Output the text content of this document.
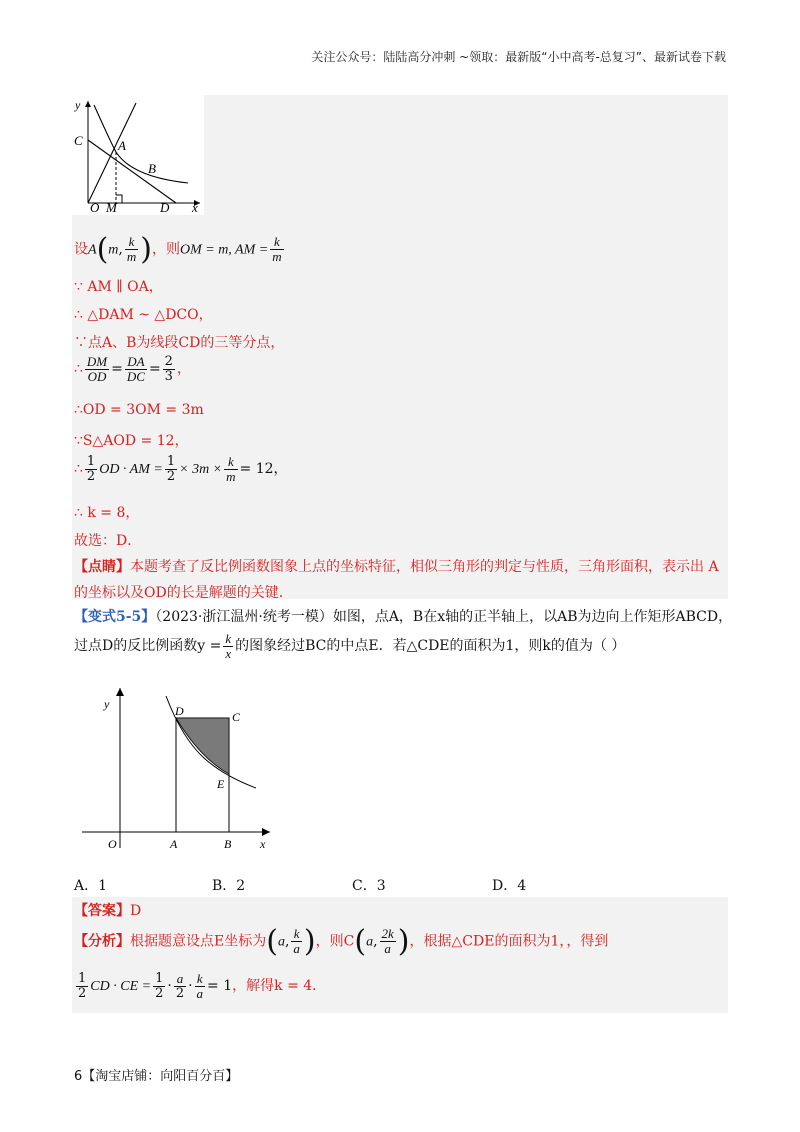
关注公众号：陆陆高分冲刺 ~领取：最新版“小中高考-总复习”、最新试卷下载
y
C	A
B
O M	D x
设A(m, $\frac{k}{m}$ )，则OM = m, AM = $\frac{k}{m}$
∵ AM ∥ OA，
∴ △DAM ~ △DCO，
∵点A、B为线段CD的三等分点，
∴ $\frac{DM}{OD} = \frac{DA}{DC} = \frac{2}{3}$ ，
∴OD = 3OM = 3m
∵S△AOD = 12，
∴ $\frac{1}{2}$ OD · AM = $\frac{1}{2} \times 3m \times \frac{k}{m} = 12$，
∴ k = 8，
故选：D．
【点睛】本题考查了反比例函数图象上点的坐标特征，相似三角形的判定与性质，三角形面积，表示出 A
的坐标以及OD的长是解题的关键．
【变式5-5】（2023·浙江温州·统考一模）如图，点A，B在x轴的正半轴上，以AB为边向上作矩形ABCD，
过点D的反比例函数$y = \frac{k}{x}$ 的图象经过BC的中点E．若△CDE的面积为1，则k的值为（ ）
y	D	C
E
O	A	B x
A．1	B．2	C．3	D．4
【答案】D
【分析】根据题意设点E坐标为(a, $\frac{k}{a}$ )，则C(a, $\frac{2k}{a}$ )，根据△CDE的面积为1，，得到
$\frac{1}{2}$ CD · CE = $\frac{1}{2} \cdot \frac{a}{2} \cdot \frac{k}{a} = 1$，解得k = 4．
6【淘宝店铺：向阳百分百】
